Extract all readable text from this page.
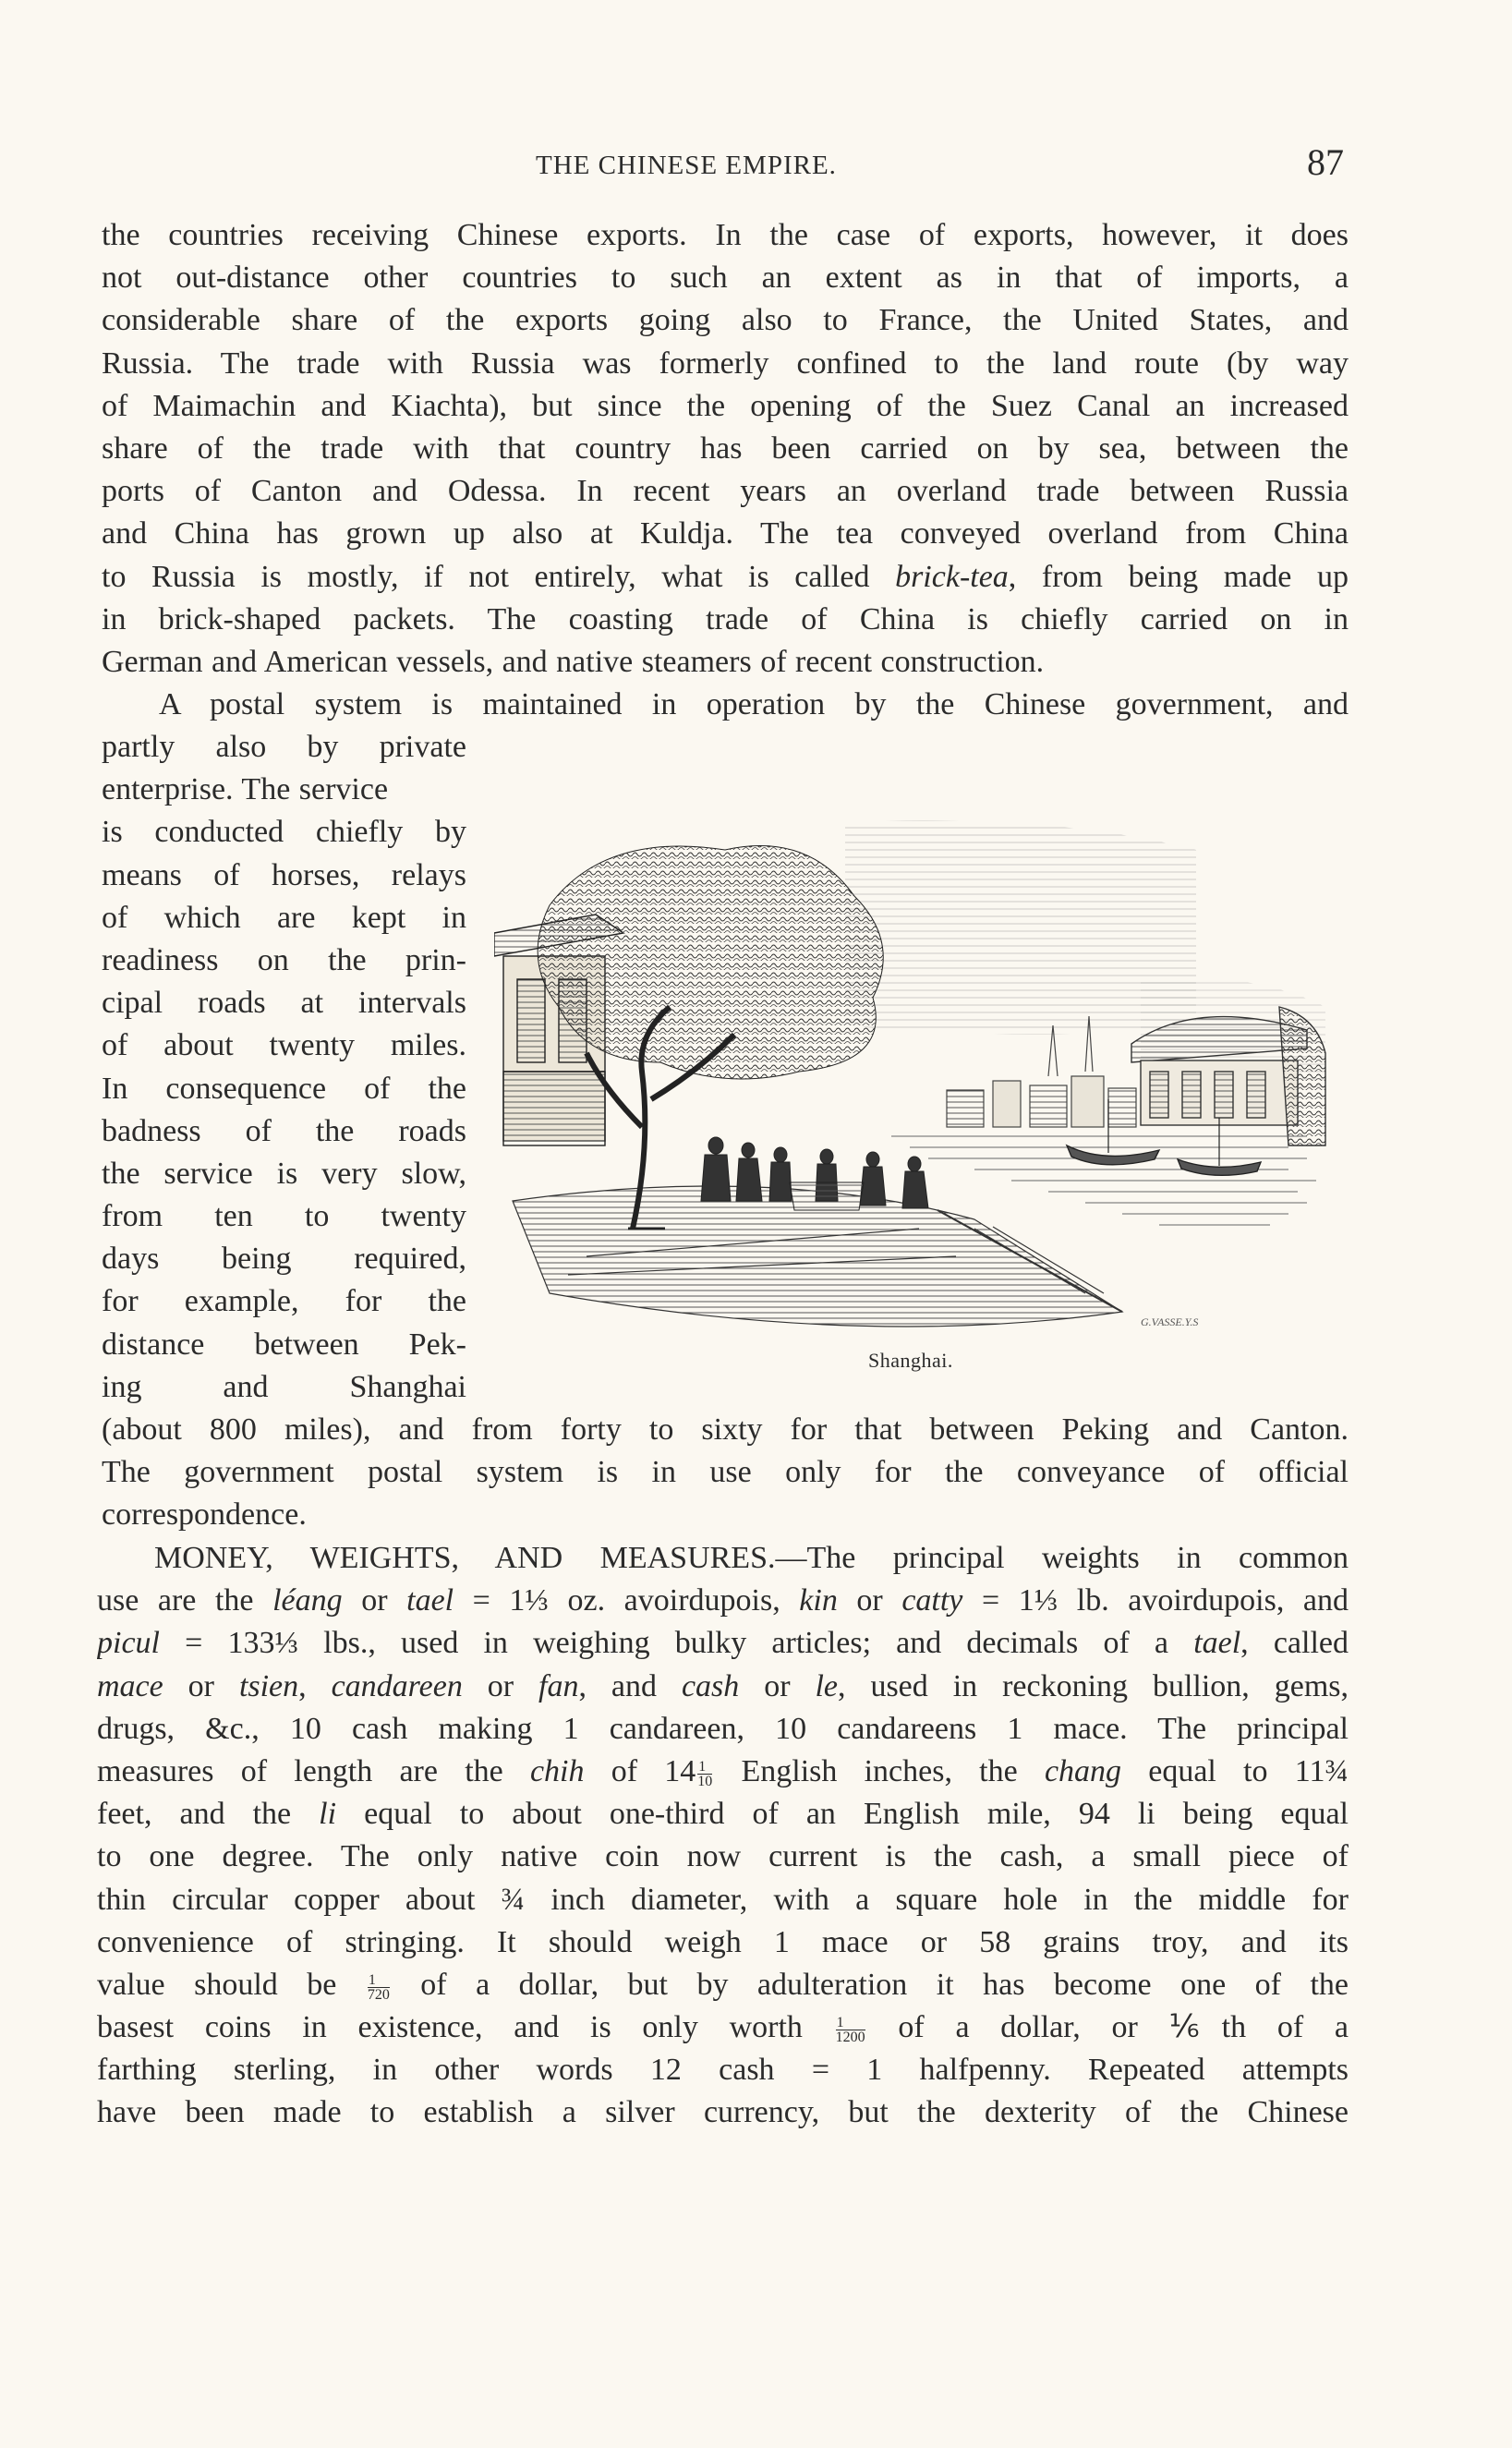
THE CHINESE EMPIRE.	87
the countries receiving Chinese exports. In the case of exports, however, it does
not out-distance other countries to such an extent as in that of imports, a
considerable share of the exports going also to France, the United States, and
Russia. The trade with Russia was formerly confined to the land route (by way
of Maimachin and Kiachta), but since the opening of the Suez Canal an increased
share of the trade with that country has been carried on by sea, between the
ports of Canton and Odessa. In recent years an overland trade between Russia
and China has grown up also at Kuldja. The tea conveyed overland from China
to Russia is mostly, if not entirely, what is called brick-tea, from being made up
in brick-shaped packets. The coasting trade of China is chiefly carried on in
German and American vessels, and native steamers of recent construction.
A postal system is maintained in operation by the Chinese government, and
partly also by private
enterprise. The service
is conducted chiefly by
means of horses, relays
of which are kept in
readiness on the prin-
cipal roads at intervals
of about twenty miles.
In consequence of the
badness of the roads
the service is very slow,
from ten to twenty
days being required,
for example, for the
distance between Pek-
ing and Shanghai
G.VASSE.Y.S
Shanghai.
(about 800 miles), and from forty to sixty for that between Peking and Canton.
The government postal system is in use only for the conveyance of official
correspondence.
MONEY, WEIGHTS, AND MEASURES.—The principal weights in common
use are the léang or tael = 1⅓ oz. avoirdupois, kin or catty = 1⅓ lb. avoirdupois, and
picul = 133⅓ lbs., used in weighing bulky articles; and decimals of a tael, called
mace or tsien, candareen or fan, and cash or le, used in reckoning bullion, gems,
drugs, &c., 10 cash making 1 candareen, 10 candareens 1 mace. The principal
measures of length are the chih of $14 \frac{1}{10}$ English inches, the chang equal to 11¾
feet, and the li equal to about one-third of an English mile, 94 li being equal
to one degree. The only native coin now current is the cash, a small piece of
thin circular copper about ¾ inch diameter, with a square hole in the middle for
convenience of stringing. It should weigh 1 mace or 58 grains troy, and its
value should be $\frac{1}{720}$ of a dollar, but by adulteration it has become one of the
basest coins in existence, and is only worth $\frac{1}{1200}$ of a dollar, or ⅙th of a
farthing sterling, in other words 12 cash = 1 halfpenny. Repeated attempts
have been made to establish a silver currency, but the dexterity of the Chinese
